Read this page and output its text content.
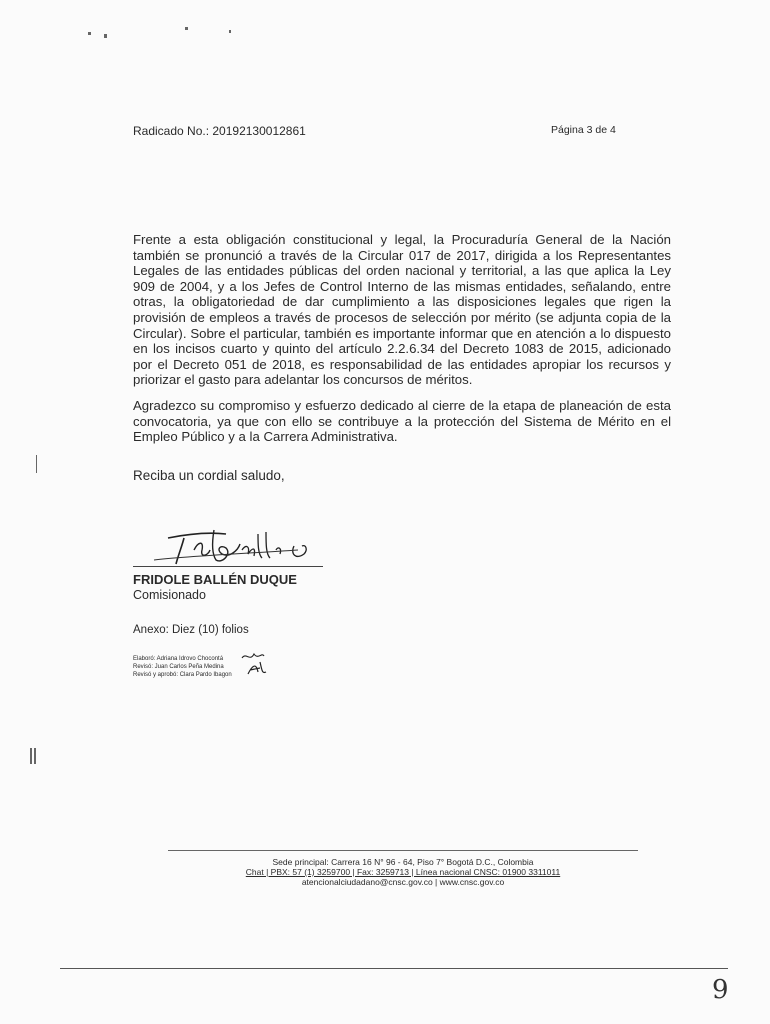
Radicado No.: 20192130012861	Página 3 de 4

Frente a esta obligación constitucional y legal, la Procuraduría General de la Nación también se pronunció a través de la Circular 017 de 2017, dirigida a los Representantes Legales de las entidades públicas del orden nacional y territorial, a las que aplica la Ley 909 de 2004, y a los Jefes de Control Interno de las mismas entidades, señalando, entre otras, la obligatoriedad de dar cumplimiento a las disposiciones legales que rigen la provisión de empleos a través de procesos de selección por mérito (se adjunta copia de la Circular). Sobre el particular, también es importante informar que en atención a lo dispuesto en los incisos cuarto y quinto del artículo 2.2.6.34 del Decreto 1083 de 2015, adicionado por el Decreto 051 de 2018, es responsabilidad de las entidades apropiar los recursos y priorizar el gasto para adelantar los concursos de méritos.

Agradezco su compromiso y esfuerzo dedicado al cierre de la etapa de planeación de esta convocatoria, ya que con ello se contribuye a la protección del Sistema de Mérito en el Empleo Público y a la Carrera Administrativa.

Reciba un cordial saludo,
FRIDOLE BALLÉN DUQUE
Comisionado
Anexo: Diez (10) folios
Elaboró: Adriana Idrovo Chocontá
Revisó: Juan Carlos Peña Medina
Revisó y aprobó: Clara Pardo Ibagon
Sede principal: Carrera 16 N° 96 - 64, Piso 7° Bogotá D.C., Colombia
Chat | PBX: 57 (1) 3259700 | Fax: 3259713 | Línea nacional CNSC: 01900 3311011
atencionalciudadano@cnsc.gov.co | www.cnsc.gov.co
9
